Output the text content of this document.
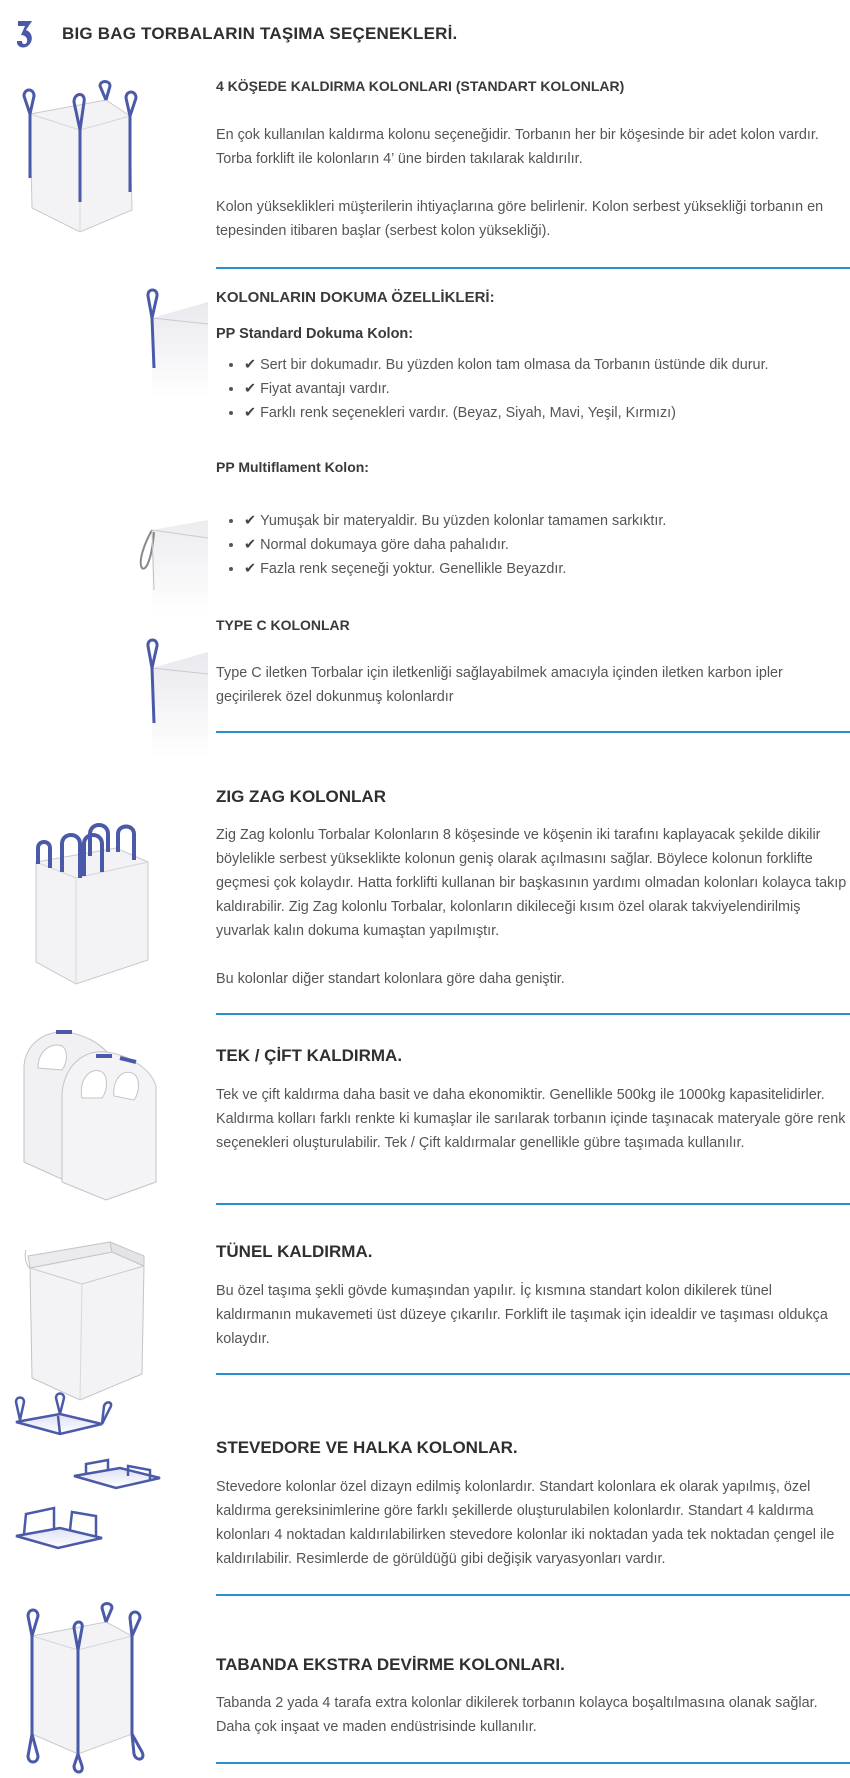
BIG BAG TORBALARIN TAŞIMA SEÇENEKLERİ.

4 KÖŞEDE KALDIRMA KOLONLARI (STANDART KOLONLAR)

En çok kullanılan kaldırma kolonu seçeneğidir. Torbanın her bir köşesinde bir adet kolon vardır. Torba forklift ile kolonların 4’ üne birden takılarak kaldırılır.

Kolon yükseklikleri müşterilerin ihtiyaçlarına göre belirlenir. Kolon serbest yüksekliği torbanın en tepesinden itibaren başlar (serbest kolon yüksekliği).

KOLONLARIN DOKUMA ÖZELLİKLERİ:

PP Standard Dokuma Kolon:

• ✔ Sert bir dokumadır. Bu yüzden kolon tam olmasa da Torbanın üstünde dik durur.
• ✔ Fiyat avantajı vardır.
• ✔ Farklı renk seçenekleri vardır. (Beyaz, Siyah, Mavi, Yeşil, Kırmızı)

PP Multiflament Kolon:

• ✔ Yumuşak bir materyaldir. Bu yüzden kolonlar tamamen sarkıktır.
• ✔ Normal dokumaya göre daha pahalıdır.
• ✔ Fazla renk seçeneği yoktur. Genellikle Beyazdır.

TYPE C KOLONLAR

Type C iletken Torbalar için iletkenliği sağlayabilmek amacıyla içinden iletken karbon ipler geçirilerek özel dokunmuş kolonlardır

ZIG ZAG KOLONLAR

Zig Zag kolonlu Torbalar Kolonların 8 köşesinde ve köşenin iki tarafını kaplayacak şekilde dikilir böylelikle serbest yükseklikte kolonun geniş olarak açılmasını sağlar. Böylece kolonun forklifte geçmesi çok kolaydır. Hatta forklifti kullanan bir başkasının yardımı olmadan kolonları kolayca takıp kaldırabilir. Zig Zag kolonlu Torbalar, kolonların dikileceği kısım özel olarak takviyelendirilmiş yuvarlak kalın dokuma kumaştan yapılmıştır.

Bu kolonlar diğer standart kolonlara göre daha geniştir.

TEK / ÇİFT KALDIRMA.

Tek ve çift kaldırma daha basit ve daha ekonomiktir. Genellikle 500kg ile 1000kg kapasitelidirler. Kaldırma kolları farklı renkte ki kumaşlar ile sarılarak torbanın içinde taşınacak materyale göre renk seçenekleri oluşturulabilir. Tek / Çift kaldırmalar genellikle gübre taşımada kullanılır.

TÜNEL KALDIRMA.

Bu özel taşıma şekli gövde kumaşından yapılır. İç kısmına standart kolon dikilerek tünel kaldırmanın mukavemeti üst düzeye çıkarılır. Forklift ile taşımak için idealdir ve taşıması oldukça kolaydır.

STEVEDORE VE HALKA KOLONLAR.

Stevedore kolonlar özel dizayn edilmiş kolonlardır. Standart kolonlara ek olarak yapılmış, özel kaldırma gereksinimlerine göre farklı şekillerde oluşturulabilen kolonlardır. Standart 4 kaldırma kolonları 4 noktadan kaldırılabilirken stevedore kolonlar iki noktadan yada tek noktadan çengel ile kaldırılabilir. Resimlerde de görüldüğü gibi değişik varyasyonları vardır.

TABANDA EKSTRA DEVİRME KOLONLARI.

Tabanda 2 yada 4 tarafa extra kolonlar dikilerek torbanın kolayca boşaltılmasına olanak sağlar. Daha çok inşaat ve maden endüstrisinde kullanılır.
